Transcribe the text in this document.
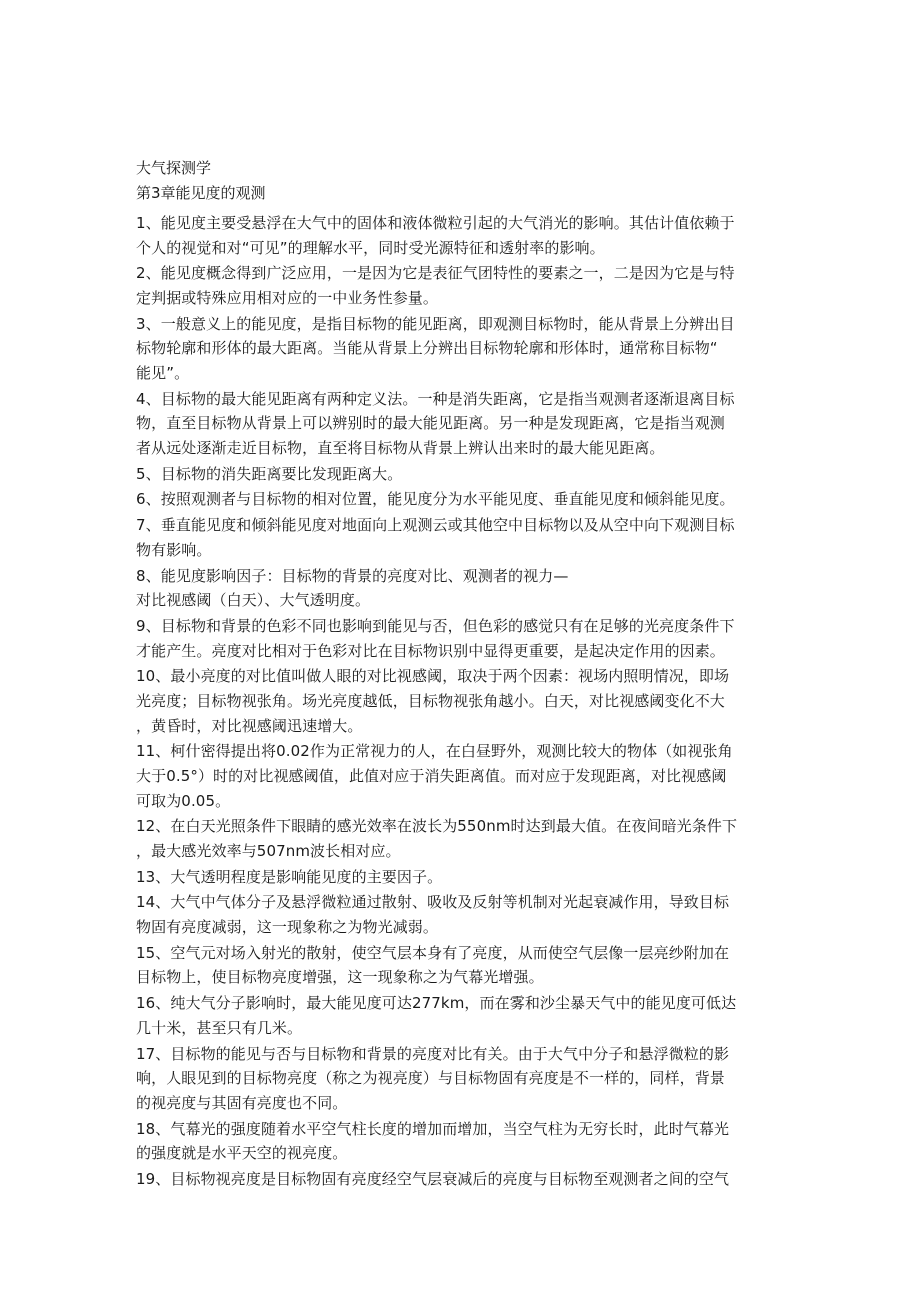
大气探测学
第3章能见度的观测
1、能见度主要受悬浮在大气中的固体和液体微粒引起的大气消光的影响。其估计值依赖于
个人的视觉和对“可见”的理解水平，同时受光源特征和透射率的影响。
2、能见度概念得到广泛应用，一是因为它是表征气团特性的要素之一，二是因为它是与特
定判据或特殊应用相对应的一中业务性参量。
3、一般意义上的能见度，是指目标物的能见距离，即观测目标物时，能从背景上分辨出目
标物轮廓和形体的最大距离。当能从背景上分辨出目标物轮廓和形体时，通常称目标物“
能见”。
4、目标物的最大能见距离有两种定义法。一种是消失距离，它是指当观测者逐渐退离目标
物，直至目标物从背景上可以辨别时的最大能见距离。另一种是发现距离，它是指当观测
者从远处逐渐走近目标物，直至将目标物从背景上辨认出来时的最大能见距离。
5、目标物的消失距离要比发现距离大。
6、按照观测者与目标物的相对位置，能见度分为水平能见度、垂直能见度和倾斜能见度。
7、垂直能见度和倾斜能见度对地面向上观测云或其他空中目标物以及从空中向下观测目标
物有影响。
8、能见度影响因子：目标物的背景的亮度对比、观测者的视力—
对比视感阈（白天）、大气透明度。
9、目标物和背景的色彩不同也影响到能见与否，但色彩的感觉只有在足够的光亮度条件下
才能产生。亮度对比相对于色彩对比在目标物识别中显得更重要，是起决定作用的因素。
10、最小亮度的对比值叫做人眼的对比视感阈，取决于两个因素：视场内照明情况，即场
光亮度；目标物视张角。场光亮度越低，目标物视张角越小。白天，对比视感阈变化不大
，黄昏时，对比视感阈迅速增大。
11、柯什密得提出将0.02作为正常视力的人，在白昼野外，观测比较大的物体（如视张角
大于0.5°）时的对比视感阈值，此值对应于消失距离值。而对应于发现距离，对比视感阈
可取为0.05。
12、在白天光照条件下眼睛的感光效率在波长为550nm时达到最大值。在夜间暗光条件下
，最大感光效率与507nm波长相对应。
13、大气透明程度是影响能见度的主要因子。
14、大气中气体分子及悬浮微粒通过散射、吸收及反射等机制对光起衰减作用，导致目标
物固有亮度减弱，这一现象称之为物光减弱。
15、空气元对场入射光的散射，使空气层本身有了亮度，从而使空气层像一层亮纱附加在
目标物上，使目标物亮度增强，这一现象称之为气幕光增强。
16、纯大气分子影响时，最大能见度可达277km，而在雾和沙尘暴天气中的能见度可低达
几十米，甚至只有几米。
17、目标物的能见与否与目标物和背景的亮度对比有关。由于大气中分子和悬浮微粒的影
响，人眼见到的目标物亮度（称之为视亮度）与目标物固有亮度是不一样的，同样，背景
的视亮度与其固有亮度也不同。
18、气幕光的强度随着水平空气柱长度的增加而增加，当空气柱为无穷长时，此时气幕光
的强度就是水平天空的视亮度。
19、目标物视亮度是目标物固有亮度经空气层衰减后的亮度与目标物至观测者之间的空气
